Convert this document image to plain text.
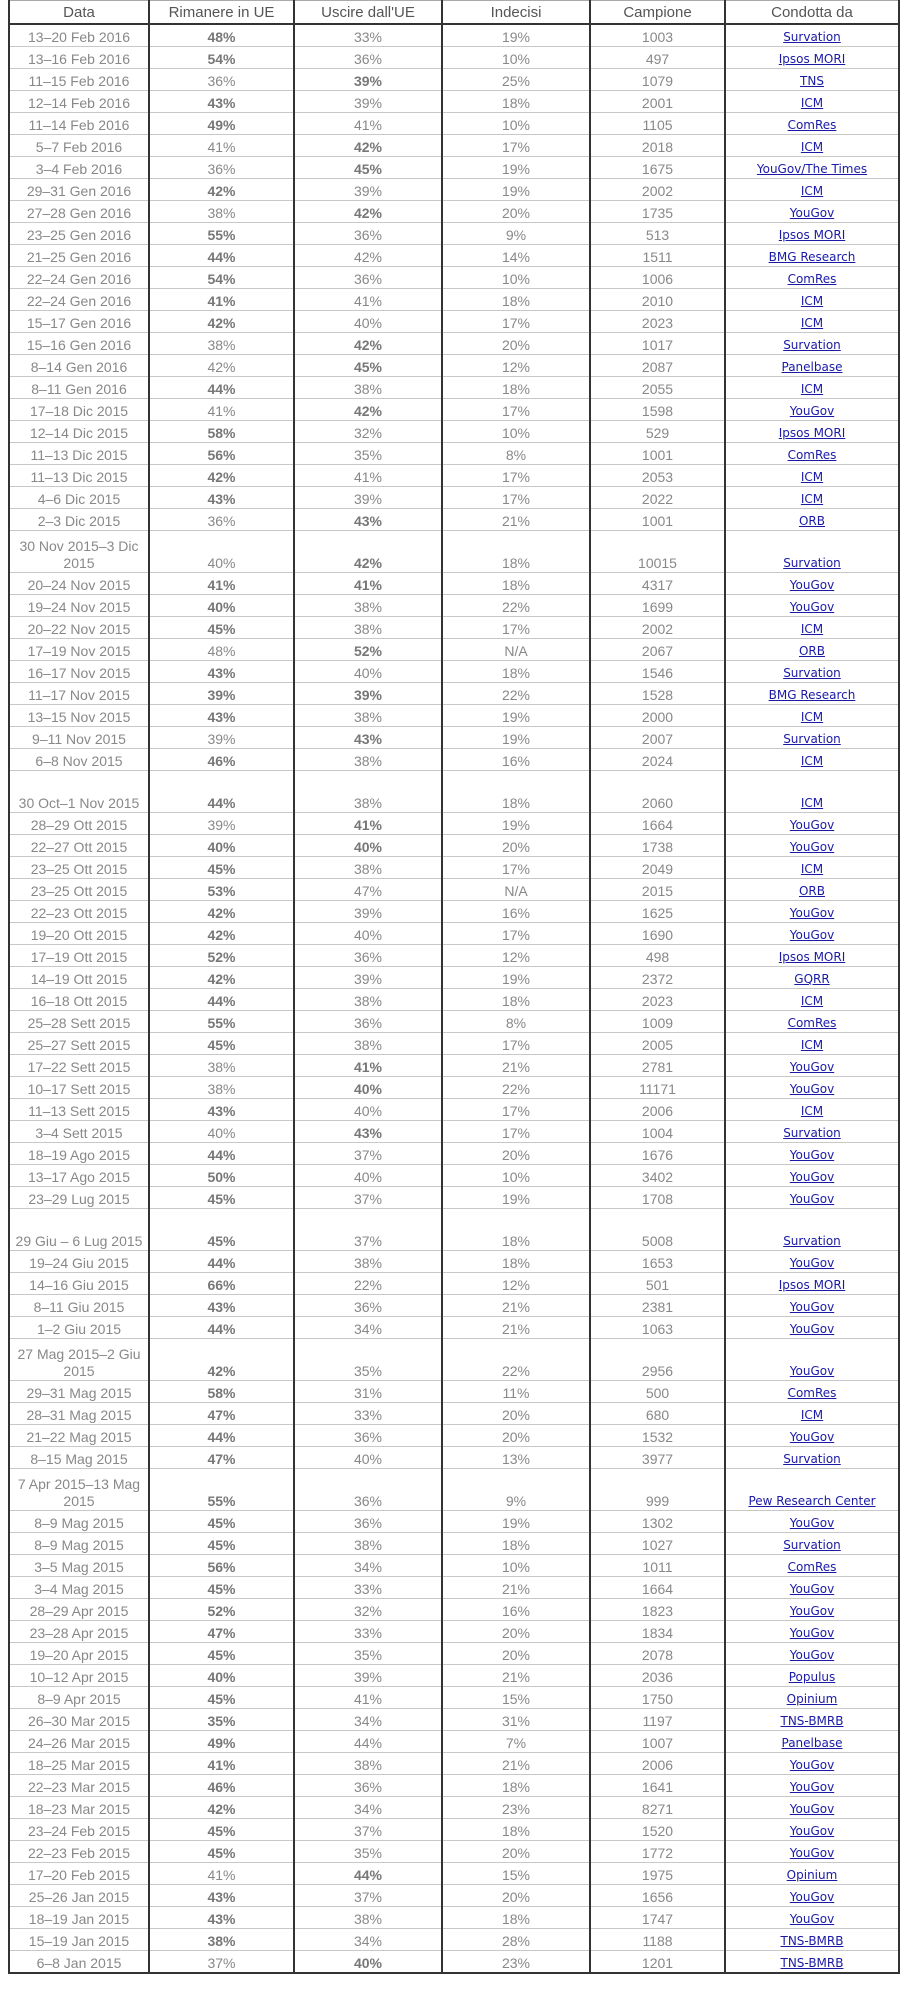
Data	Rimanere in UE	Uscire dall'UE	Indecisi	Campione	Condotta da
13–20 Feb 2016	48%	33%	19%	1003	Survation
13–16 Feb 2016	54%	36%	10%	497	Ipsos MORI
11–15 Feb 2016	36%	39%	25%	1079	TNS
12–14 Feb 2016	43%	39%	18%	2001	ICM
11–14 Feb 2016	49%	41%	10%	1105	ComRes
5–7 Feb 2016	41%	42%	17%	2018	ICM
3–4 Feb 2016	36%	45%	19%	1675	YouGov/The Times
29–31 Gen 2016	42%	39%	19%	2002	ICM
27–28 Gen 2016	38%	42%	20%	1735	YouGov
23–25 Gen 2016	55%	36%	9%	513	Ipsos MORI
21–25 Gen 2016	44%	42%	14%	1511	BMG Research
22–24 Gen 2016	54%	36%	10%	1006	ComRes
22–24 Gen 2016	41%	41%	18%	2010	ICM
15–17 Gen 2016	42%	40%	17%	2023	ICM
15–16 Gen 2016	38%	42%	20%	1017	Survation
8–14 Gen 2016	42%	45%	12%	2087	Panelbase
8–11 Gen 2016	44%	38%	18%	2055	ICM
17–18 Dic 2015	41%	42%	17%	1598	YouGov
12–14 Dic 2015	58%	32%	10%	529	Ipsos MORI
11–13 Dic 2015	56%	35%	8%	1001	ComRes
11–13 Dic 2015	42%	41%	17%	2053	ICM
4–6 Dic 2015	43%	39%	17%	2022	ICM
2–3 Dic 2015	36%	43%	21%	1001	ORB
30 Nov 2015–3 Dic 2015	40%	42%	18%	10015	Survation
20–24 Nov 2015	41%	41%	18%	4317	YouGov
19–24 Nov 2015	40%	38%	22%	1699	YouGov
20–22 Nov 2015	45%	38%	17%	2002	ICM
17–19 Nov 2015	48%	52%	N/A	2067	ORB
16–17 Nov 2015	43%	40%	18%	1546	Survation
11–17 Nov 2015	39%	39%	22%	1528	BMG Research
13–15 Nov 2015	43%	38%	19%	2000	ICM
9–11 Nov 2015	39%	43%	19%	2007	Survation
6–8 Nov 2015	46%	38%	16%	2024	ICM
30 Oct–1 Nov 2015	44%	38%	18%	2060	ICM
28–29 Ott 2015	39%	41%	19%	1664	YouGov
22–27 Ott 2015	40%	40%	20%	1738	YouGov
23–25 Ott 2015	45%	38%	17%	2049	ICM
23–25 Ott 2015	53%	47%	N/A	2015	ORB
22–23 Ott 2015	42%	39%	16%	1625	YouGov
19–20 Ott 2015	42%	40%	17%	1690	YouGov
17–19 Ott 2015	52%	36%	12%	498	Ipsos MORI
14–19 Ott 2015	42%	39%	19%	2372	GQRR
16–18 Ott 2015	44%	38%	18%	2023	ICM
25–28 Sett 2015	55%	36%	8%	1009	ComRes
25–27 Sett 2015	45%	38%	17%	2005	ICM
17–22 Sett 2015	38%	41%	21%	2781	YouGov
10–17 Sett 2015	38%	40%	22%	11171	YouGov
11–13 Sett 2015	43%	40%	17%	2006	ICM
3–4 Sett 2015	40%	43%	17%	1004	Survation
18–19 Ago 2015	44%	37%	20%	1676	YouGov
13–17 Ago 2015	50%	40%	10%	3402	YouGov
23–29 Lug 2015	45%	37%	19%	1708	YouGov
29 Giu – 6 Lug 2015	45%	37%	18%	5008	Survation
19–24 Giu 2015	44%	38%	18%	1653	YouGov
14–16 Giu 2015	66%	22%	12%	501	Ipsos MORI
8–11 Giu 2015	43%	36%	21%	2381	YouGov
1–2 Giu 2015	44%	34%	21%	1063	YouGov
27 Mag 2015–2 Giu 2015	42%	35%	22%	2956	YouGov
29–31 Mag 2015	58%	31%	11%	500	ComRes
28–31 Mag 2015	47%	33%	20%	680	ICM
21–22 Mag 2015	44%	36%	20%	1532	YouGov
8–15 Mag 2015	47%	40%	13%	3977	Survation
7 Apr 2015–13 Mag 2015	55%	36%	9%	999	Pew Research Center
8–9 Mag 2015	45%	36%	19%	1302	YouGov
8–9 Mag 2015	45%	38%	18%	1027	Survation
3–5 Mag 2015	56%	34%	10%	1011	ComRes
3–4 Mag 2015	45%	33%	21%	1664	YouGov
28–29 Apr 2015	52%	32%	16%	1823	YouGov
23–28 Apr 2015	47%	33%	20%	1834	YouGov
19–20 Apr 2015	45%	35%	20%	2078	YouGov
10–12 Apr 2015	40%	39%	21%	2036	Populus
8–9 Apr 2015	45%	41%	15%	1750	Opinium
26–30 Mar 2015	35%	34%	31%	1197	TNS-BMRB
24–26 Mar 2015	49%	44%	7%	1007	Panelbase
18–25 Mar 2015	41%	38%	21%	2006	YouGov
22–23 Mar 2015	46%	36%	18%	1641	YouGov
18–23 Mar 2015	42%	34%	23%	8271	YouGov
23–24 Feb 2015	45%	37%	18%	1520	YouGov
22–23 Feb 2015	45%	35%	20%	1772	YouGov
17–20 Feb 2015	41%	44%	15%	1975	Opinium
25–26 Jan 2015	43%	37%	20%	1656	YouGov
18–19 Jan 2015	43%	38%	18%	1747	YouGov
15–19 Jan 2015	38%	34%	28%	1188	TNS-BMRB
6–8 Jan 2015	37%	40%	23%	1201	TNS-BMRB
